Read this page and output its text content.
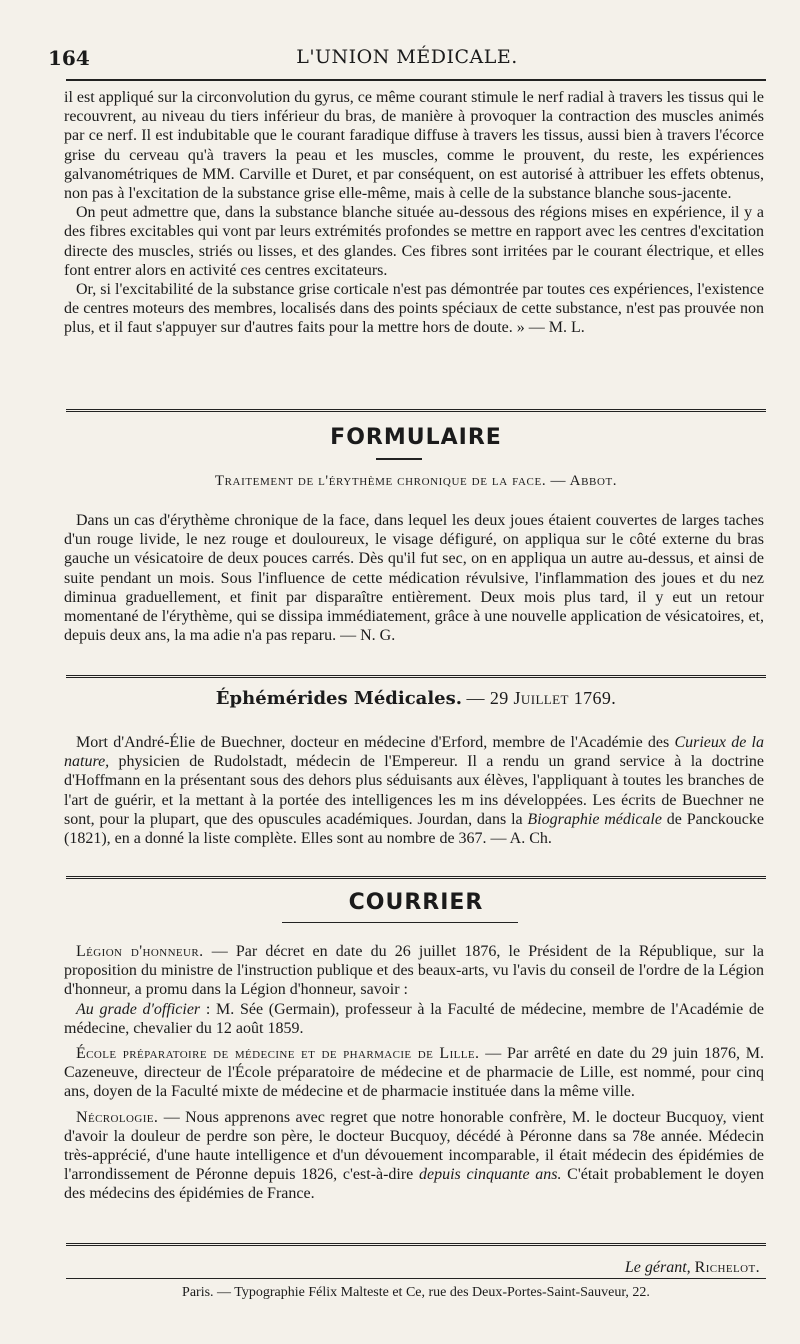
164	L'UNION MÉDICALE.

il est appliqué sur la circonvolution du gyrus, ce même courant stimule le nerf radial à travers les tissus qui le recouvrent, au niveau du tiers inférieur du bras, de manière à provoquer la contraction des muscles animés par ce nerf. Il est indubitable que le courant faradique diffuse à travers les tissus, aussi bien à travers l'écorce grise du cerveau qu'à travers la peau et les muscles, comme le prouvent, du reste, les expériences galvanométriques de MM. Carville et Duret, et par conséquent, on est autorisé à attribuer les effets obtenus, non pas à l'excitation de la substance grise elle-même, mais à celle de la substance blanche sous-jacente.

On peut admettre que, dans la substance blanche située au-dessous des régions mises en expérience, il y a des fibres excitables qui vont par leurs extrémités profondes se mettre en rapport avec les centres d'excitation directe des muscles, striés ou lisses, et des glandes. Ces fibres sont irritées par le courant électrique, et elles font entrer alors en activité ces centres excitateurs.

Or, si l'excitabilité de la substance grise corticale n'est pas démontrée par toutes ces expériences, l'existence de centres moteurs des membres, localisés dans des points spéciaux de cette substance, n'est pas prouvée non plus, et il faut s'appuyer sur d'autres faits pour la mettre hors de doute. » — M. L.

FORMULAIRE
Traitement de l'érythème chronique de la face. — Abbot.

Dans un cas d'érythème chronique de la face, dans lequel les deux joues étaient couvertes de larges taches d'un rouge livide, le nez rouge et douloureux, le visage défiguré, on appliqua sur le côté externe du bras gauche un vésicatoire de deux pouces carrés. Dès qu'il fut sec, on en appliqua un autre au-dessus, et ainsi de suite pendant un mois. Sous l'influence de cette médication révulsive, l'inflammation des joues et du nez diminua graduellement, et finit par disparaître entièrement. Deux mois plus tard, il y eut un retour momentané de l'érythème, qui se dissipa immédiatement, grâce à une nouvelle application de vésicatoires, et, depuis deux ans, la ma adie n'a pas reparu. — N. G.

Éphémérides Médicales. — 29 Juillet 1769.

Mort d'André-Élie de Buechner, docteur en médecine d'Erford, membre de l'Académie des Curieux de la nature, physicien de Rudolstadt, médecin de l'Empereur. Il a rendu un grand service à la doctrine d'Hoffmann en la présentant sous des dehors plus séduisants aux élèves, l'appliquant à toutes les branches de l'art de guérir, et la mettant à la portée des intelligences les m ins développées. Les écrits de Buechner ne sont, pour la plupart, que des opuscules académiques. Jourdan, dans la Biographie médicale de Panckoucke (1821), en a donné la liste complète. Elles sont au nombre de 367. — A. Ch.

COURRIER

Légion d'honneur. — Par décret en date du 26 juillet 1876, le Président de la République, sur la proposition du ministre de l'instruction publique et des beaux-arts, vu l'avis du conseil de l'ordre de la Légion d'honneur, a promu dans la Légion d'honneur, savoir :

Au grade d'officier : M. Sée (Germain), professeur à la Faculté de médecine, membre de l'Académie de médecine, chevalier du 12 août 1859.

École préparatoire de médecine et de pharmacie de Lille. — Par arrêté en date du 29 juin 1876, M. Cazeneuve, directeur de l'École préparatoire de médecine et de pharmacie de Lille, est nommé, pour cinq ans, doyen de la Faculté mixte de médecine et de pharmacie instituée dans la même ville.

Nécrologie. — Nous apprenons avec regret que notre honorable confrère, M. le docteur Bucquoy, vient d'avoir la douleur de perdre son père, le docteur Bucquoy, décédé à Péronne dans sa 78e année. Médecin très-apprécié, d'une haute intelligence et d'un dévouement incomparable, il était médecin des épidémies de l'arrondissement de Péronne depuis 1826, c'est-à-dire depuis cinquante ans. C'était probablement le doyen des médecins des épidémies de France.

Le gérant, Richelot.
Paris. — Typographie Félix Malteste et Ce, rue des Deux-Portes-Saint-Sauveur, 22.
